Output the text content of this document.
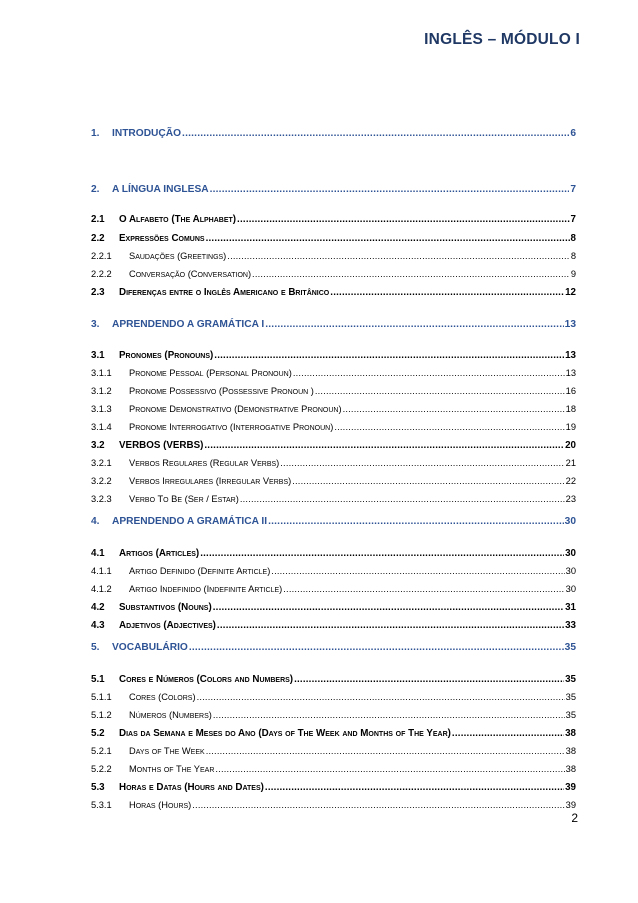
INGLÊS – MÓDULO I
1.	INTRODUÇÃO .....	6
2.	A LÍNGUA INGLESA .....	7
2.1	O Alfabeto (The Alphabet) .....	7
2.2	Expressões Comuns .....	8
2.2.1	Saudações (Greetings) .....	8
2.2.2	Conversação (Conversation) .....	9
2.3	Diferenças entre o Inglês Americano e Britânico .....	12
3.	APRENDENDO A GRAMÁTICA I .....	13
3.1	Pronomes (Pronouns) .....	13
3.1.1	Pronome Pessoal (Personal Pronoun) .....	13
3.1.2	Pronome Possessivo (Possessive Pronoun ) .....	16
3.1.3	Pronome Demonstrativo (Demonstrative Pronoun) .....	18
3.1.4	Pronome Interrogativo (Interrogative Pronoun) .....	19
3.2	VERBOS (VERBS) .....	20
3.2.1	Verbos Regulares (Regular Verbs) .....	21
3.2.2	Verbos Irregulares (Irregular Verbs) .....	22
3.2.3	Verbo To Be (Ser / Estar) .....	23
4.	APRENDENDO A GRAMÁTICA II .....	30
4.1	Artigos (Articles) .....	30
4.1.1	Artigo Definido (Definite Article) .....	30
4.1.2	Artigo Indefinido (Indefinite Article) .....	30
4.2	Substantivos (Nouns) .....	31
4.3	Adjetivos (Adjectives) .....	33
5.	VOCABULÁRIO .....	35
5.1	Cores e Números (Colors and Numbers) .....	35
5.1.1	Cores (Colors) .....	35
5.1.2	Números (Numbers) .....	35
5.2	Dias da Semana e Meses do Ano (Days of The Week and Months of The Year) .....	38
5.2.1	Days of The Week .....	38
5.2.2	Months of The Year .....	38
5.3	Horas e Datas (Hours and Dates) .....	39
5.3.1	Horas (Hours) .....	39
2
